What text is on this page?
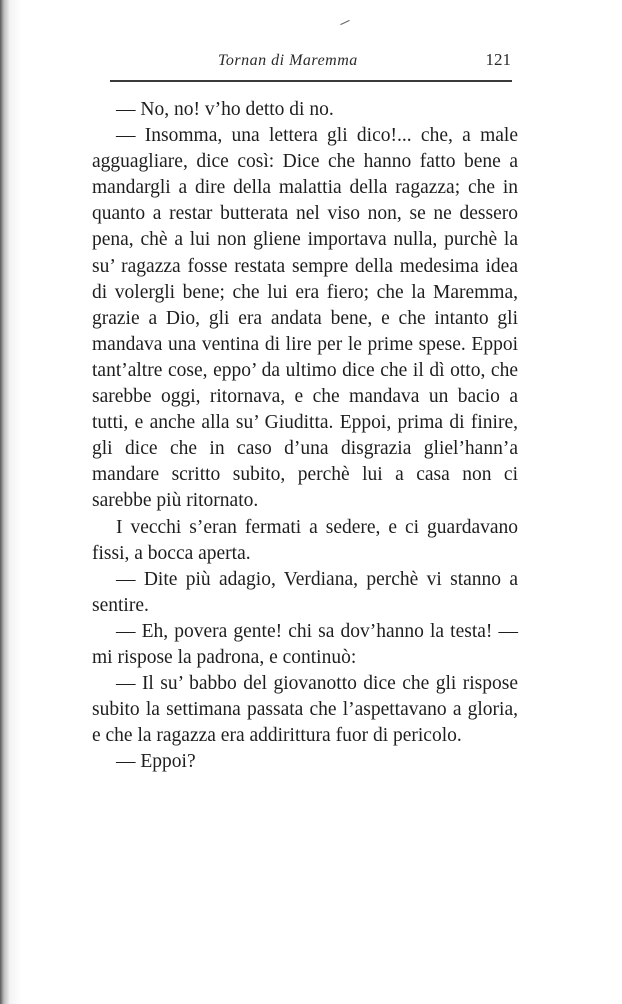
Tornan di Maremma	121

— No, no! v’ho detto di no.

— Insomma, una lettera gli dico!... che, a male agguagliare, dice così: Dice che hanno fatto bene a mandargli a dire della malattia della ragazza; che in quanto a restar butterata nel viso non, se ne dessero pena, chè a lui non gliene importava nulla, purchè la su’ ragazza fosse restata sempre della medesima idea di volergli bene; che lui era fiero; che la Maremma, grazie a Dio, gli era andata bene, e che intanto gli mandava una ventina di lire per le prime spese. Eppoi tant’altre cose, eppo’ da ultimo dice che il dì otto, che sarebbe oggi, ritornava, e che mandava un bacio a tutti, e anche alla su’ Giuditta. Eppoi, prima di finire, gli dice che in caso d’una disgrazia gliel’hann’a mandare scritto subito, perchè lui a casa non ci sarebbe più ritornato.

I vecchi s’eran fermati a sedere, e ci guardavano fissi, a bocca aperta.

— Dite più adagio, Verdiana, perchè vi stanno a sentire.

— Eh, povera gente! chi sa dov’hanno la testa! — mi rispose la padrona, e continuò:

— Il su’ babbo del giovanotto dice che gli rispose subito la settimana passata che l’aspettavano a gloria, e che la ragazza era addirittura fuor di pericolo.

— Eppoi?
